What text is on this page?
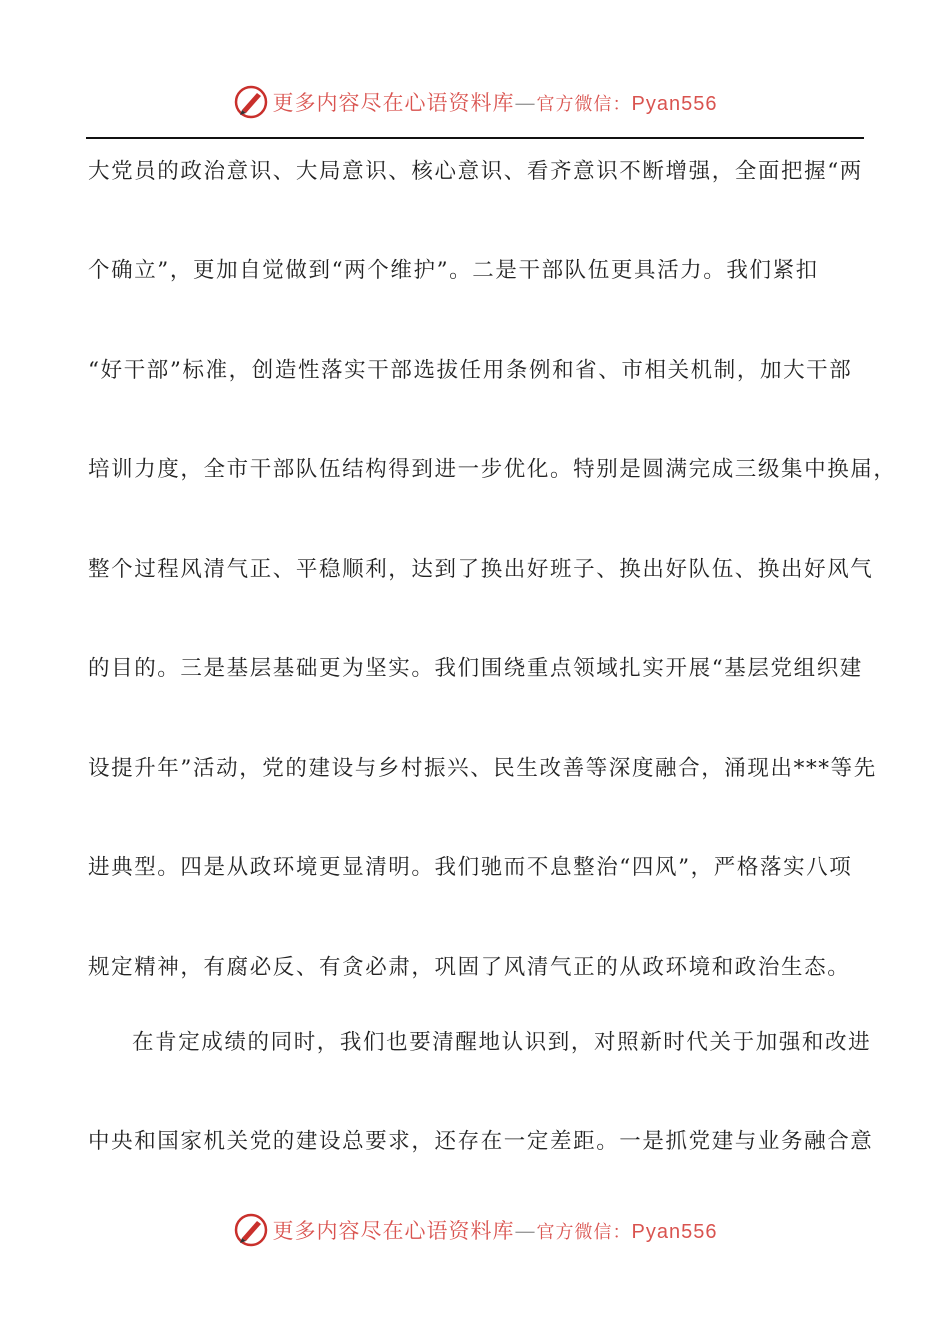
更多内容尽在心语资料库—官方微信：Pyan556
大党员的政治意识、大局意识、核心意识、看齐意识不断增强，全面把握“两
个确立”，更加自觉做到“两个维护”。二是干部队伍更具活力。我们紧扣
“好干部”标准，创造性落实干部选拔任用条例和省、市相关机制，加大干部
培训力度，全市干部队伍结构得到进一步优化。特别是圆满完成三级集中换届，
整个过程风清气正、平稳顺利，达到了换出好班子、换出好队伍、换出好风气
的目的。三是基层基础更为坚实。我们围绕重点领域扎实开展“基层党组织建
设提升年”活动，党的建设与乡村振兴、民生改善等深度融合，涌现出***等先
进典型。四是从政环境更显清明。我们驰而不息整治“四风”，严格落实八项
规定精神，有腐必反、有贪必肃，巩固了风清气正的从政环境和政治生态。
在肯定成绩的同时，我们也要清醒地认识到，对照新时代关于加强和改进
中央和国家机关党的建设总要求，还存在一定差距。一是抓党建与业务融合意
更多内容尽在心语资料库—官方微信：Pyan556
